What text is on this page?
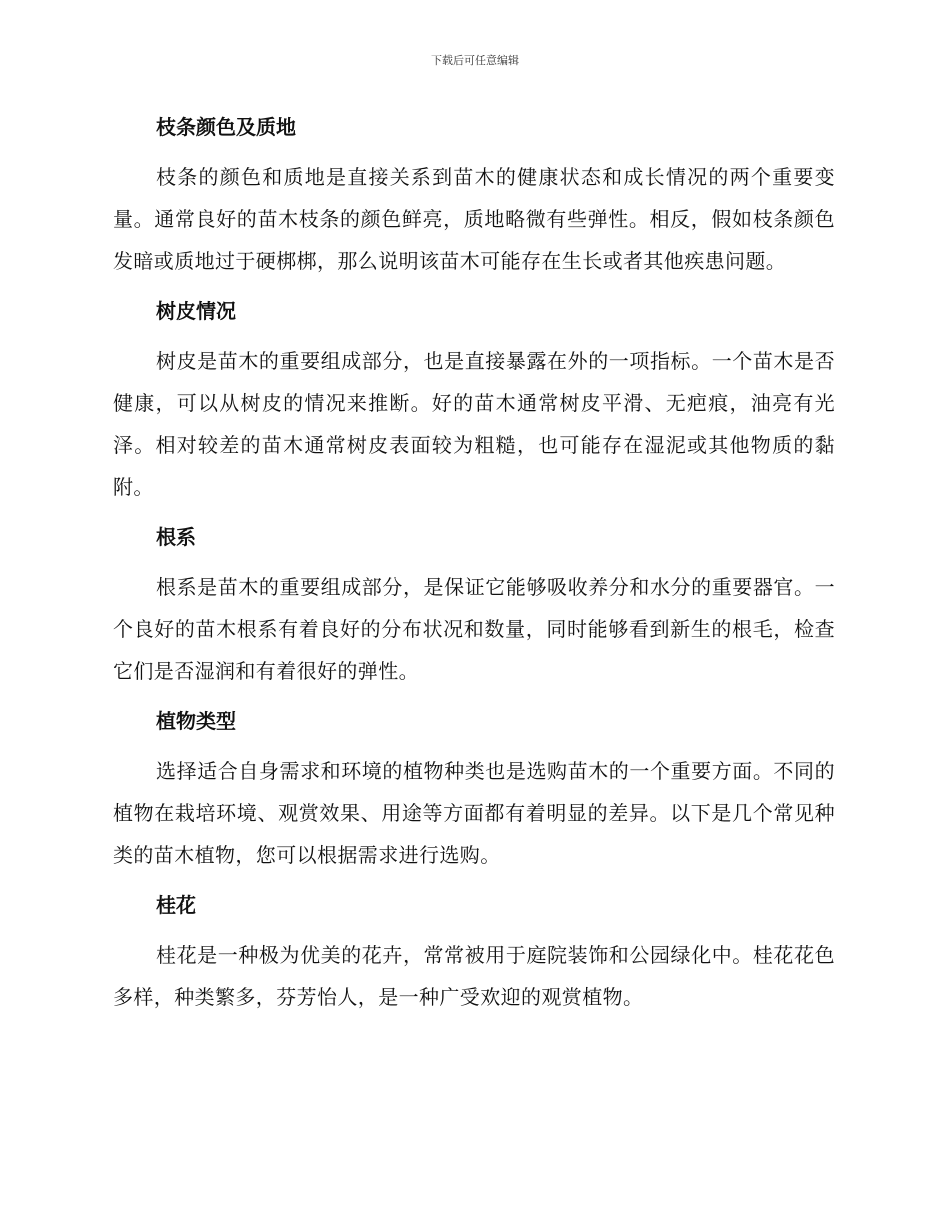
下载后可任意编辑
枝条颜色及质地

枝条的颜色和质地是直接关系到苗木的健康状态和成长情况的两个重要变量。通常良好的苗木枝条的颜色鲜亮，质地略微有些弹性。相反，假如枝条颜色发暗或质地过于硬梆梆，那么说明该苗木可能存在生长或者其他疾患问题。

树皮情况

树皮是苗木的重要组成部分，也是直接暴露在外的一项指标。一个苗木是否健康，可以从树皮的情况来推断。好的苗木通常树皮平滑、无疤痕，油亮有光泽。相对较差的苗木通常树皮表面较为粗糙，也可能存在湿泥或其他物质的黏附。

根系

根系是苗木的重要组成部分，是保证它能够吸收养分和水分的重要器官。一个良好的苗木根系有着良好的分布状况和数量，同时能够看到新生的根毛，检查它们是否湿润和有着很好的弹性。

植物类型

选择适合自身需求和环境的植物种类也是选购苗木的一个重要方面。不同的植物在栽培环境、观赏效果、用途等方面都有着明显的差异。以下是几个常见种类的苗木植物，您可以根据需求进行选购。

桂花

桂花是一种极为优美的花卉，常常被用于庭院装饰和公园绿化中。桂花花色多样，种类繁多，芬芳怡人，是一种广受欢迎的观赏植物。
